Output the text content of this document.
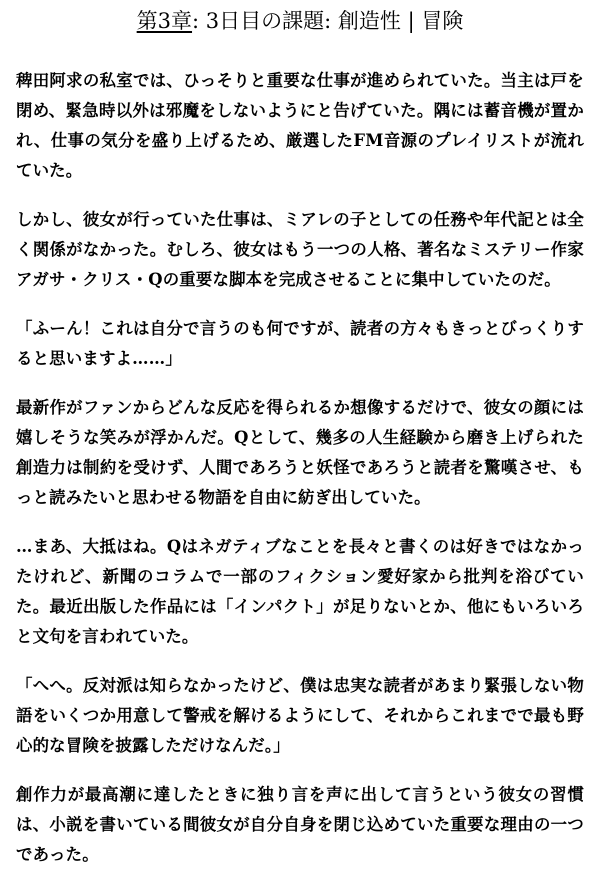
第3章: 3日目の課題: 創造性 | 冒険

稗田阿求の私室では、ひっそりと重要な仕事が進められていた。当主は戸を閉め、緊急時以外は邪魔をしないようにと告げていた。隅には蓄音機が置かれ、仕事の気分を盛り上げるため、厳選したFM音源のプレイリストが流れていた。

しかし、彼女が行っていた仕事は、ミアレの子としての任務や年代記とは全く関係がなかった。むしろ、彼女はもう一つの人格、著名なミステリー作家アガサ・クリス・Qの重要な脚本を完成させることに集中していたのだ。

「ふーん！これは自分で言うのも何ですが、読者の方々もきっとびっくりすると思いますよ……」

最新作がファンからどんな反応を得られるか想像するだけで、彼女の顔には嬉しそうな笑みが浮かんだ。Qとして、幾多の人生経験から磨き上げられた創造力は制約を受けず、人間であろうと妖怪であろうと読者を驚嘆させ、もっと読みたいと思わせる物語を自由に紡ぎ出していた。

…まあ、大抵はね。Qはネガティブなことを長々と書くのは好きではなかったけれど、新聞のコラムで一部のフィクション愛好家から批判を浴びていた。最近出版した作品には「インパクト」が足りないとか、他にもいろいろと文句を言われていた。

「へへ。反対派は知らなかったけど、僕は忠実な読者があまり緊張しない物語をいくつか用意して警戒を解けるようにして、それからこれまでで最も野心的な冒険を披露しただけなんだ。」

創作力が最高潮に達したときに独り言を声に出して言うという彼女の習慣は、小説を書いている間彼女が自分自身を閉じ込めていた重要な理由の一つであった。
